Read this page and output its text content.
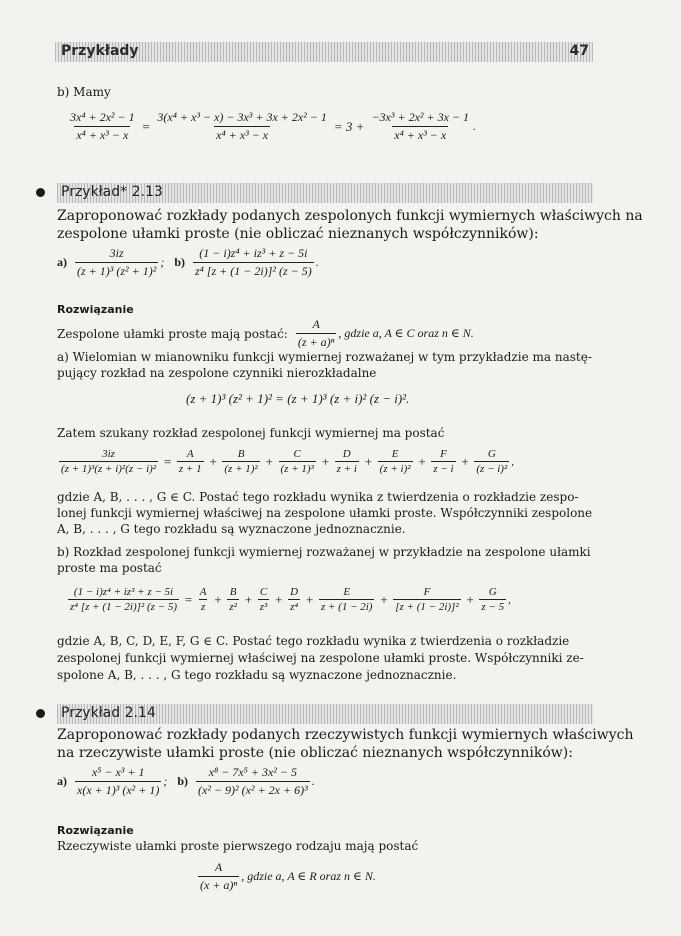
Przykłady	47
b) Mamy
$\frac{\text{3x⁴ + 2x² − 1}}{\text{x⁴ + x³ − x}} = \frac{\text{3(x⁴ + x³ − x) − 3x³ + 3x + 2x² − 1}}{\text{x⁴ + x³ − x}} = 3 + \frac{\text{−3x³ + 2x² + 3x − 1}}{\text{x⁴ + x³ − x}}$ .
Przykład* 2.13
Zaproponować rozkłady podanych zespolonych funkcji wymiernych właściwych na
zespolone ułamki proste (nie obliczać nieznanych współczynników):
$a) \frac{3iz}{\text{(z + 1)³ (z² + 1)²}}$ ; $b) \frac{\text{(1 − i)z⁴ + iz³ + z − 5i}}{\text{z⁴ [z + (1 − 2i)]² (z − 5)}}$ .
Rozwiązanie
Zespolone ułamki proste mają postać: $\frac{A}{\text{(z + a)ⁿ}}$ , gdzie a, A ∈ C oraz n ∈ N.
a) Wielomian w mianowniku funkcji wymiernej rozważanej w tym przykładzie ma nastę-
pujący rozkład na zespolone czynniki nierozkładalne
(z + 1)³ (z² + 1)² = (z + 1)³ (z + i)² (z − i)².
Zatem szukany rozkład zespolonej funkcji wymiernej ma postać
$\frac{3iz}{\text{(z + 1)³(z + i)²(z − i)²}} = \frac{A}{z + 1} + \frac{B}{\text{(z + 1)²}} + \frac{C}{\text{(z + 1)³}} + \frac{D}{z + i} + \frac{E}{\text{(z + i)²}} + \frac{F}{z - i} + \frac{G}{\text{(z − i)²}}$ ,
gdzie A, B, . . . , G ∈ C. Postać tego rozkładu wynika z twierdzenia o rozkładzie zespo-
lonej funkcji wymiernej właściwej na zespolone ułamki proste. Współczynniki zespolone
A, B, . . . , G tego rozkładu są wyznaczone jednoznacznie.
b) Rozkład zespolonej funkcji wymiernej rozważanej w przykładzie na zespolone ułamki
proste ma postać
$\frac{\text{(1 − i)z⁴ + iz³ + z − 5i}}{\text{z⁴ [z + (1 − 2i)]² (z − 5)}} = \frac{A}{z} + \frac{B}{\text{z²}} + \frac{C}{\text{z³}} + \frac{D}{\text{z⁴}} + \frac{E}{z + (1 - 2i)} + \frac{F}{\text{[z + (1 − 2i)]²}} + \frac{G}{z - 5}$ ,
gdzie A, B, C, D, E, F, G ∈ C. Postać tego rozkładu wynika z twierdzenia o rozkładzie
zespolonej funkcji wymiernej właściwej na zespolone ułamki proste. Współczynniki ze-
spolone A, B, . . . , G tego rozkładu są wyznaczone jednoznacznie.
Przykład 2.14
Zaproponować rozkłady podanych rzeczywistych funkcji wymiernych właściwych
na rzeczywiste ułamki proste (nie obliczać nieznanych współczynników):
$a) \frac{\text{x⁵ − x³ + 1}}{\text{x(x + 1)³ (x² + 1)}}$ ; $b) \frac{\text{x⁸ − 7x⁵ + 3x² − 5}}{\text{(x² − 9)² (x² + 2x + 6)³}}$ .
Rozwiązanie
Rzeczywiste ułamki proste pierwszego rodzaju mają postać
$\frac{A}{\text{(x + a)ⁿ}}$ , gdzie a, A ∈ R oraz n ∈ N.
